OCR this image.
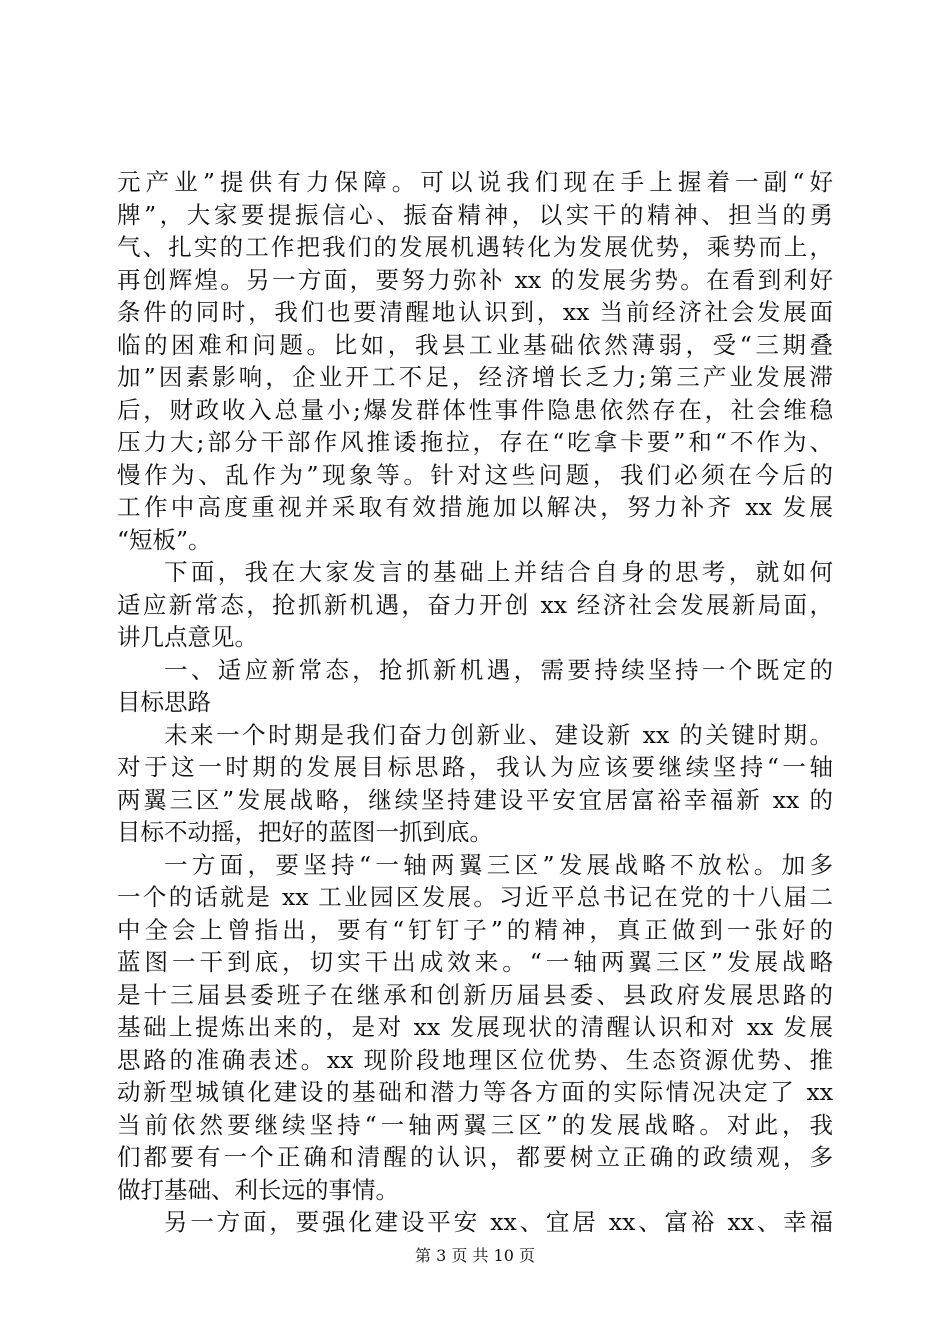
元产业”提供有力保障。可以说我们现在手上握着一副“好
牌”，大家要提振信心、振奋精神，以实干的精神、担当的勇
气、扎实的工作把我们的发展机遇转化为发展优势，乘势而上，
再创辉煌。另一方面，要努力弥补 xx 的发展劣势。在看到利好
条件的同时，我们也要清醒地认识到，xx 当前经济社会发展面
临的困难和问题。比如，我县工业基础依然薄弱，受“三期叠
加”因素影响，企业开工不足，经济增长乏力;第三产业发展滞
后，财政收入总量小;爆发群体性事件隐患依然存在，社会维稳
压力大;部分干部作风推诿拖拉，存在“吃拿卡要”和“不作为、
慢作为、乱作为”现象等。针对这些问题，我们必须在今后的
工作中高度重视并采取有效措施加以解决，努力补齐 xx 发展
“短板”。
下面，我在大家发言的基础上并结合自身的思考，就如何
适应新常态，抢抓新机遇，奋力开创 xx 经济社会发展新局面，
讲几点意见。
一、适应新常态，抢抓新机遇，需要持续坚持一个既定的
目标思路
未来一个时期是我们奋力创新业、建设新 xx 的关键时期。
对于这一时期的发展目标思路，我认为应该要继续坚持“一轴
两翼三区”发展战略，继续坚持建设平安宜居富裕幸福新 xx 的
目标不动摇，把好的蓝图一抓到底。
一方面，要坚持“一轴两翼三区”发展战略不放松。加多
一个的话就是 xx 工业园区发展。习近平总书记在党的十八届二
中全会上曾指出，要有“钉钉子”的精神，真正做到一张好的
蓝图一干到底，切实干出成效来。“一轴两翼三区”发展战略
是十三届县委班子在继承和创新历届县委、县政府发展思路的
基础上提炼出来的，是对 xx 发展现状的清醒认识和对 xx 发展
思路的准确表述。xx 现阶段地理区位优势、生态资源优势、推
动新型城镇化建设的基础和潜力等各方面的实际情况决定了 xx
当前依然要继续坚持“一轴两翼三区”的发展战略。对此，我
们都要有一个正确和清醒的认识，都要树立正确的政绩观，多
做打基础、利长远的事情。
另一方面，要强化建设平安 xx、宜居 xx、富裕 xx、幸福
第 3 页 共 10 页
